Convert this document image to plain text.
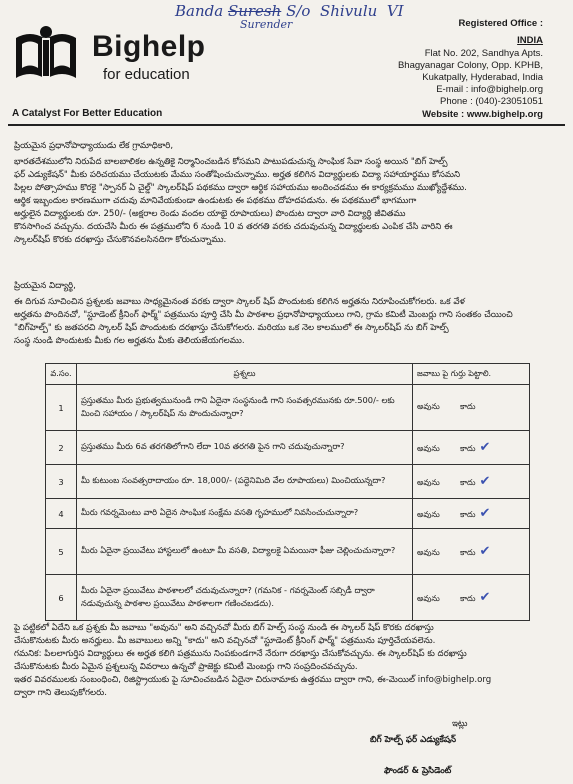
Banda Suresh S/o  Shivulu  VI
Surender
Bighelp
for education
A Catalyst For Better Education
Registered Office :
INDIA
Flat No. 202, Sandhya Apts.
Bhagyanagar Colony, Opp. KPHB,
Kukatpally, Hyderabad, India
E-mail : info@bighelp.org
Phone : (040)-23051051
Website : www.bighelp.org
ప్రియమైన ప్రధానోపాధ్యాయుడు లేక గ్రామాధికారి,
భారతదేశములోని నిరుపేద బాలబాలికల ఉన్నతికై నిర్మానించబడిన కోసమని పాటుపడుచున్న సాంఘిక సేవా సంస్థ అయిన "బిగ్ హెల్ప్
ఫర్ ఎడ్యుకేషన్" మీకు పరిచయము చేయుటకు మేము సంతోషించుచున్నాము. అర్హత కలిగిన విద్యార్థులకు విద్యా సహాయార్థము కోసమని
పిల్లల పోత్సాహము కొరకై "స్పానర్ ఏ చైల్డ్" స్కాలర్‌షిప్ పథకము ద్వారా ఆర్థిక సహాయము అందించడము ఈ కార్యక్రమము ముఖ్యోద్దేశము.
ఆర్థిక ఇబ్బందుల కారణముగా చదువు మానివేయకుండా ఉండుటకు ఈ పథకము దోహదపడును. ఈ పథకములో భాగముగా
అర్హులైన విద్యార్థులకు రూ. 250/- (అక్షరాల రెండు వందల యాభై రూపాయలు) పొందుట ద్వారా వారి విద్యార్థి జీవితము
కొనసాగించ వచ్చును. దయచేసి మీరు ఈ పత్రములోని 6 నుండి 10 వ తరగతి వరకు చదువుచున్న విద్యార్థులకు ఎంపిక చేసి వారిని ఈ
స్కాలర్‌షిప్ కొరకు దరఖాస్తు చేసుకొనవలసినదిగా కోరుచున్నాము.
ప్రియమైన విద్యార్థి,
ఈ దిగువ సూచించిన ప్రశ్నలకు జవాబు సాధ్యమైనంత వరకు ద్వారా స్కాలర్ షిప్ పొందుటకు కలిగిన అర్హతను నిరూపించుకోగలరు. ఒక వేళ
అర్హతను పొందినచో, "స్టూడెంట్ క్రీనింగ్ ఫార్మ్" పత్రమును పూర్తి చేసి మీ పాఠశాల ప్రధానోపాధ్యాయులు గాని, గ్రామ కమిటీ మెంబర్లు గాని సంతకం చేయించి
"బిగ్‌హెల్ప్" కు జతపరచి స్కాలర్ షిప్ పొందుటకు దరఖాస్తు చేసుకోగలరు. మరియు ఒక నెల కాలములో ఈ స్కాలర్‌షిప్ ను బిగ్ హెల్ప్
సంస్థ నుండి పొందుటకు మీకు గల అర్హతను మీకు తెలియజేయగలము.
వ.సం.	ప్రశ్నలు	జవాబు పై గుర్తు పెట్టాలి.
1	ప్రస్తుతము మీరు ప్రభుత్వమునుండి గాని ఏదైనా సంస్థనుండి గాని సంవత్సరమునకు రూ.500/- లకు మించి సహాయం / స్కాలర్‌షిప్ ను పొందుచున్నారా?	అవును కాదు
2	ప్రస్తుతము మీరు 6వ తరగతిలోగాని లేదా 10వ తరగతి పైన గాని చదువుచున్నారా?	అవును కాదు ✔
3	మీ కుటుంబ సంవత్సరాదాయం రూ. 18,000/- (పద్దెనిమిది వేల రూపాయలు) మించియున్నదా?	అవును కాదు ✔
4	మీరు గవర్నమెంటు వారి ఏదైన సాంఘిక సంక్షేమ వసతి గృహములో నివసించుచున్నారా?	అవును కాదు ✔
5	మీరు ఏదైనా ప్రయివేటు హాస్టలులో ఉంటూ మీ వసతి, విద్యాలకై ఏమయినా ఫీజు చెల్లించుచున్నారా?	అవును కాదు ✔
6	మీరు ఏదైనా ప్రయివేటు పాఠశాలలో చదువుచున్నారా? (గమనిక - గవర్నమెంట్ సబ్సిడీ ద్వారా నడువుచున్న పాఠశాల ప్రయివేటు పాఠశాలగా గణించబడదు).	అవును కాదు ✔
పై పట్టికలో ఏదేని ఒక ప్రశ్నకు మీ జవాబు "అవును" అని వచ్చినచో మీరు బిగ్ హెల్ప్ సంస్థ నుండి ఈ స్కాలర్ షిప్ కొరకు దరఖాస్తు
చేసుకొనుటకు మీరు అనర్హులు. మీ జవాబులు అన్ని "కాదు" అని వచ్చినచో "స్టూడెంట్ క్రీనింగ్ ఫార్మ్" పత్రమును పూర్తిచేయవలెను.
గమనిక: పిలలాగుర్తిస విద్యార్థులు ఈ అర్హత కలిగి పత్రమును నింపకుండగానే నేరుగా దరఖాస్తు చేసుకోవచ్చును. ఈ స్కాలర్‌షిప్ కు దరఖాస్తు
చేసుకొనుటకు మీరు ఏమైన ప్రశ్నలున్న వివరాలు ఉన్నచో ప్రాజెక్టు కమిటీ మెంబర్లు గాని సంప్రదించవచ్చును.
ఇతర వివరములకు సంబంధించి, రిజిస్ట్రాయుకు పై సూచించబడిన ఏదైనా చిరునామాకు ఉత్తరము ద్వారా గాని, ఈ-మెయిల్ info@bighelp.org
ద్వారా గాని తెలుపుకోగలరు.
ఇట్లు
బిగ్ హెల్ప్ ఫర్ ఎడ్యుకేషన్
ఫౌండర్ & ప్రెసిడెంట్
